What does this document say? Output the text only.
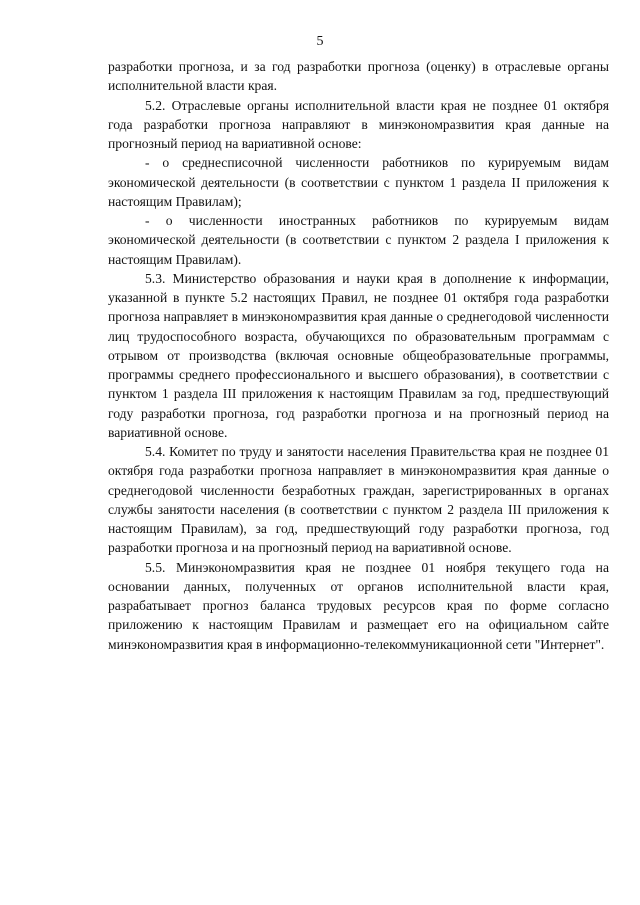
5

разработки прогноза, и за год разработки прогноза (оценку) в отраслевые органы исполнительной власти края.

5.2. Отраслевые органы исполнительной власти края не позднее 01 октября года разработки прогноза направляют в минэкономразвития края данные на прогнозный период на вариативной основе:

- о среднесписочной численности работников по курируемым видам экономической деятельности (в соответствии с пунктом 1 раздела II приложения к настоящим Правилам);

- о численности иностранных работников по курируемым видам экономической деятельности (в соответствии с пунктом 2 раздела I приложения к настоящим Правилам).

5.3. Министерство образования и науки края в дополнение к информации, указанной в пункте 5.2 настоящих Правил, не позднее 01 октября года разработки прогноза направляет в минэкономразвития края данные о среднегодовой численности лиц трудоспособного возраста, обучающихся по образовательным программам с отрывом от производства (включая основные общеобразовательные программы, программы среднего профессионального и высшего образования), в соответствии с пунктом 1 раздела III приложения к настоящим Правилам за год, предшествующий году разработки прогноза, год разработки прогноза и на прогнозный период на вариативной основе.

5.4. Комитет по труду и занятости населения Правительства края не позднее 01 октября года разработки прогноза направляет в минэкономразвития края данные о среднегодовой численности безработных граждан, зарегистрированных в органах службы занятости населения (в соответствии с пунктом 2 раздела III приложения к настоящим Правилам), за год, предшествующий году разработки прогноза, год разработки прогноза и на прогнозный период на вариативной основе.

5.5. Минэкономразвития края не позднее 01 ноября текущего года на основании данных, полученных от органов исполнительной власти края, разрабатывает прогноз баланса трудовых ресурсов края по форме согласно приложению к настоящим Правилам и размещает его на официальном сайте минэкономразвития края в информационно-телекоммуникационной сети "Интернет".
